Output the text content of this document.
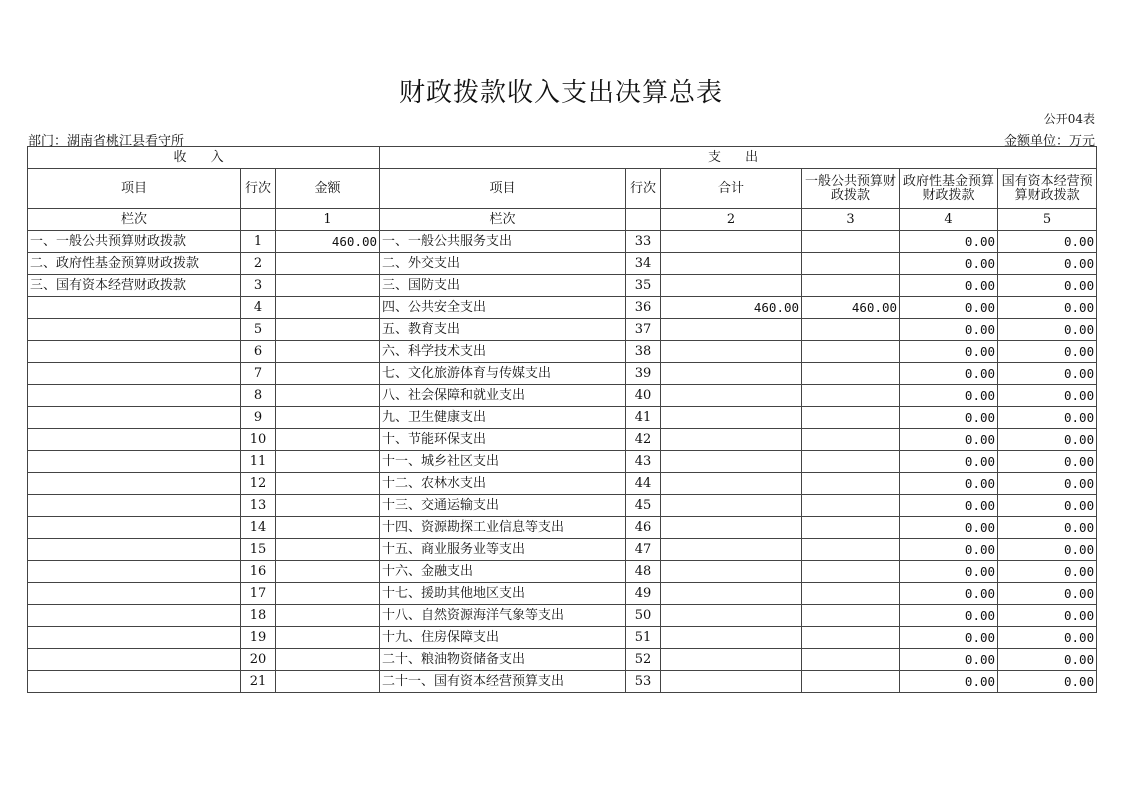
财政拨款收入支出决算总表
公开04表
部门：湖南省桃江县看守所	金额单位：万元
收 入			支 出					
项目	行次	金额	项目	行次	合计	一般公共预算财政拨款	政府性基金预算财政拨款	国有资本经营预算财政拨款
栏次		1	栏次		2	3	4	5
一、一般公共预算财政拨款	1	460.00	一、一般公共服务支出	33			0.00	0.00
二、政府性基金预算财政拨款	2		二、外交支出	34			0.00	0.00
三、国有资本经营财政拨款	3		三、国防支出	35			0.00	0.00
	4		四、公共安全支出	36	460.00	460.00	0.00	0.00
	5		五、教育支出	37			0.00	0.00
	6		六、科学技术支出	38			0.00	0.00
	7		七、文化旅游体育与传媒支出	39			0.00	0.00
	8		八、社会保障和就业支出	40			0.00	0.00
	9		九、卫生健康支出	41			0.00	0.00
	10		十、节能环保支出	42			0.00	0.00
	11		十一、城乡社区支出	43			0.00	0.00
	12		十二、农林水支出	44			0.00	0.00
	13		十三、交通运输支出	45			0.00	0.00
	14		十四、资源勘探工业信息等支出	46			0.00	0.00
	15		十五、商业服务业等支出	47			0.00	0.00
	16		十六、金融支出	48			0.00	0.00
	17		十七、援助其他地区支出	49			0.00	0.00
	18		十八、自然资源海洋气象等支出	50			0.00	0.00
	19		十九、住房保障支出	51			0.00	0.00
	20		二十、粮油物资储备支出	52			0.00	0.00
	21		二十一、国有资本经营预算支出	53			0.00	0.00
